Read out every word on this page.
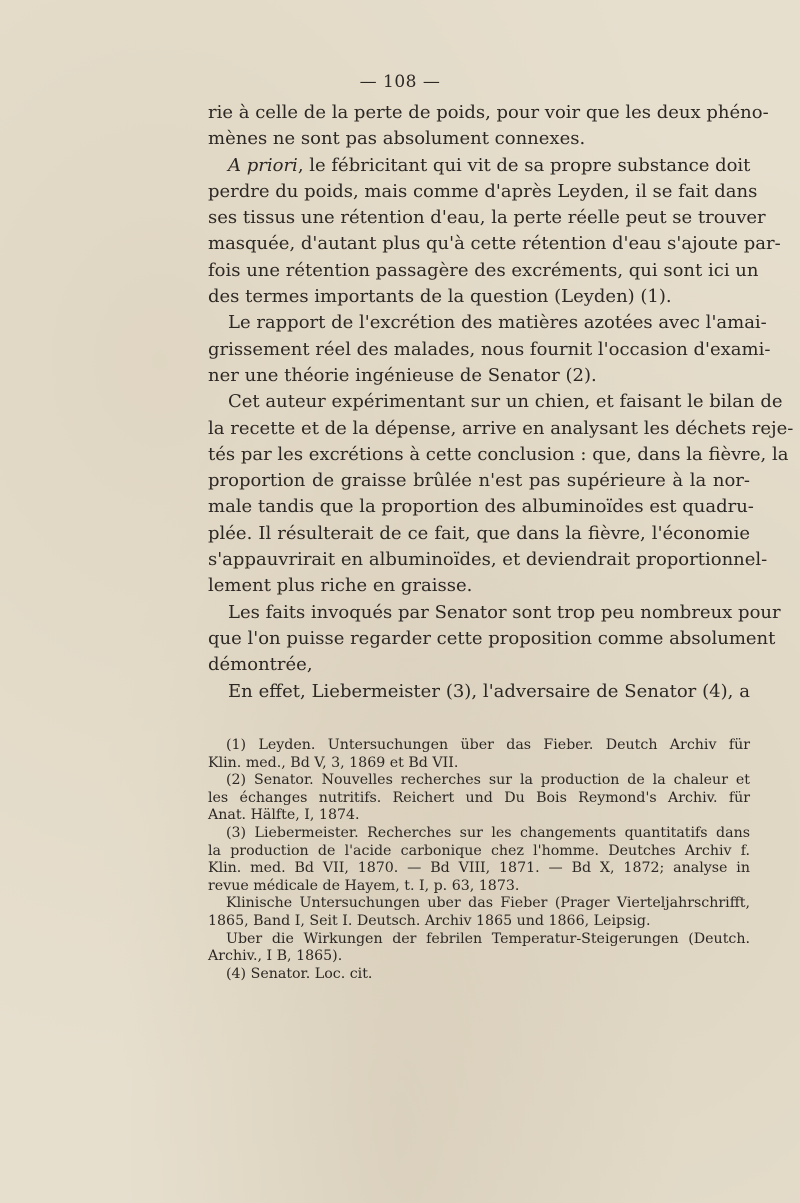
— 108 —
rie à celle de la perte de poids, pour voir que les deux phéno-
mènes ne sont pas absolument connexes.
A priori, le fébricitant qui vit de sa propre substance doit
perdre du poids, mais comme d'après Leyden, il se fait dans
ses tissus une rétention d'eau, la perte réelle peut se trouver
masquée, d'autant plus qu'à cette rétention d'eau s'ajoute par-
fois une rétention passagère des excréments, qui sont ici un
des termes importants de la question (Leyden) (1).
Le rapport de l'excrétion des matières azotées avec l'amai-
grissement réel des malades, nous fournit l'occasion d'exami-
ner une théorie ingénieuse de Senator (2).
Cet auteur expérimentant sur un chien, et faisant le bilan de
la recette et de la dépense, arrive en analysant les déchets reje-
tés par les excrétions à cette conclusion : que, dans la fièvre, la
proportion de graisse brûlée n'est pas supérieure à la nor-
male tandis que la proportion des albuminoïdes est quadru-
plée. Il résulterait de ce fait, que dans la fièvre, l'économie
s'appauvrirait en albuminoïdes, et deviendrait proportionnel-
lement plus riche en graisse.
Les faits invoqués par Senator sont trop peu nombreux pour
que l'on puisse regarder cette proposition comme absolument
démontrée,
En effet, Liebermeister (3), l'adversaire de Senator (4), a
(1) Leyden. Untersuchungen über das Fieber. Deutch Archiv für
Klin. med., Bd V, 3, 1869 et Bd VII.
(2) Senator. Nouvelles recherches sur la production de la chaleur et
les échanges nutritifs. Reichert und Du Bois Reymond's Archiv. für
Anat. Hälfte, I, 1874.
(3) Liebermeister. Recherches sur les changements quantitatifs dans
la production de l'acide carbonique chez l'homme. Deutches Archiv f.
Klin. med. Bd VII, 1870. — Bd VIII, 1871. — Bd X, 1872; analyse in
revue médicale de Hayem, t. I, p. 63, 1873.
Klinische Untersuchungen uber das Fieber (Prager Vierteljahrschrifft,
1865, Band I, Seit I. Deutsch. Archiv 1865 und 1866, Leipsig.
Uber die Wirkungen der febrilen Temperatur-Steigerungen (Deutch.
Archiv., I B, 1865).
(4) Senator. Loc. cit.
